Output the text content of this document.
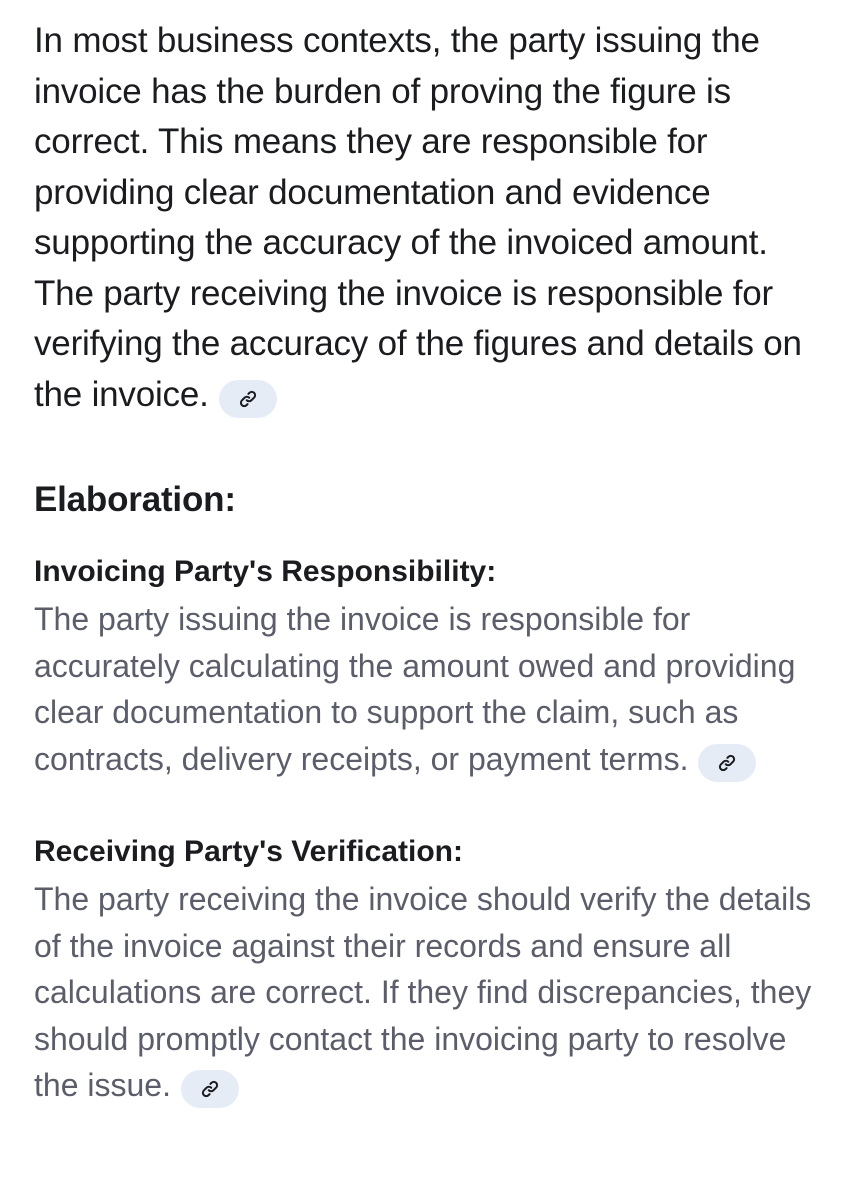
In most business contexts, the party issuing the invoice has the burden of proving the figure is correct. This means they are responsible for providing clear documentation and evidence supporting the accuracy of the invoiced amount. The party receiving the invoice is responsible for verifying the accuracy of the figures and details on the invoice.

Elaboration:
Invoicing Party's Responsibility:

The party issuing the invoice is responsible for accurately calculating the amount owed and providing clear documentation to support the claim, such as contracts, delivery receipts, or payment terms.

Receiving Party's Verification:

The party receiving the invoice should verify the details of the invoice against their records and ensure all calculations are correct. If they find discrepancies, they should promptly contact the invoicing party to resolve the issue.
